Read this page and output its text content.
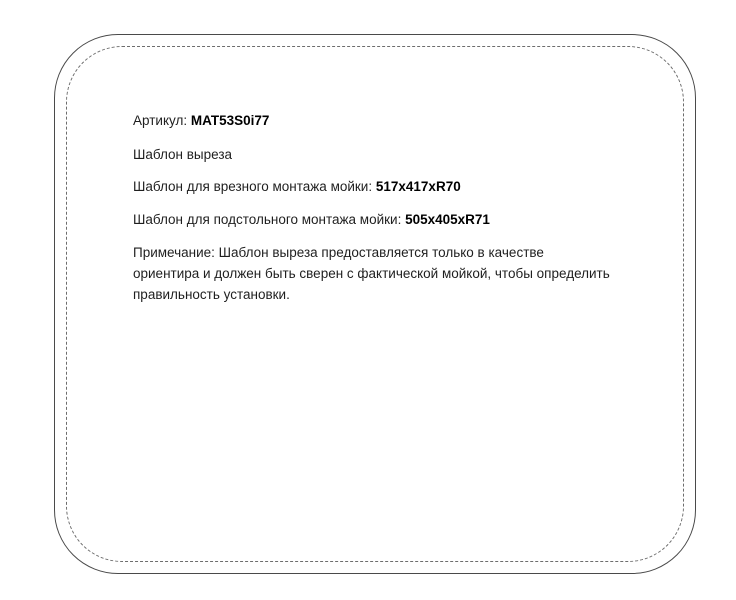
Артикул: MAT53S0i77

Шаблон выреза

Шаблон для врезного монтажа мойки: 517x417xR70

Шаблон для подстольного монтажа мойки: 505x405xR71

Примечание: Шаблон выреза предоставляется только в качестве ориентира и должен быть сверен с фактической мойкой, чтобы определить правильность установки.
